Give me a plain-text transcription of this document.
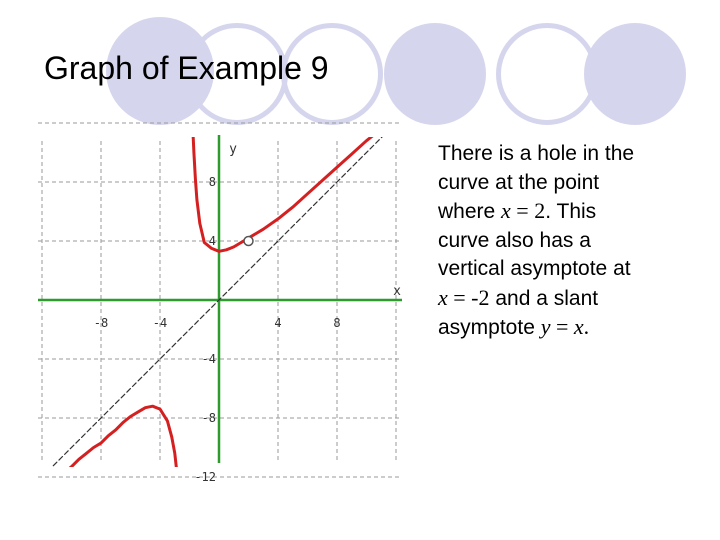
Graph of Example 9
-8	-4	4	8
8
4
-4
-8
-12
x
y	There is a hole in the
curve at the point
where x = 2. This
curve also has a
vertical asymptote at
x = -2 and a slant
asymptote y = x.
